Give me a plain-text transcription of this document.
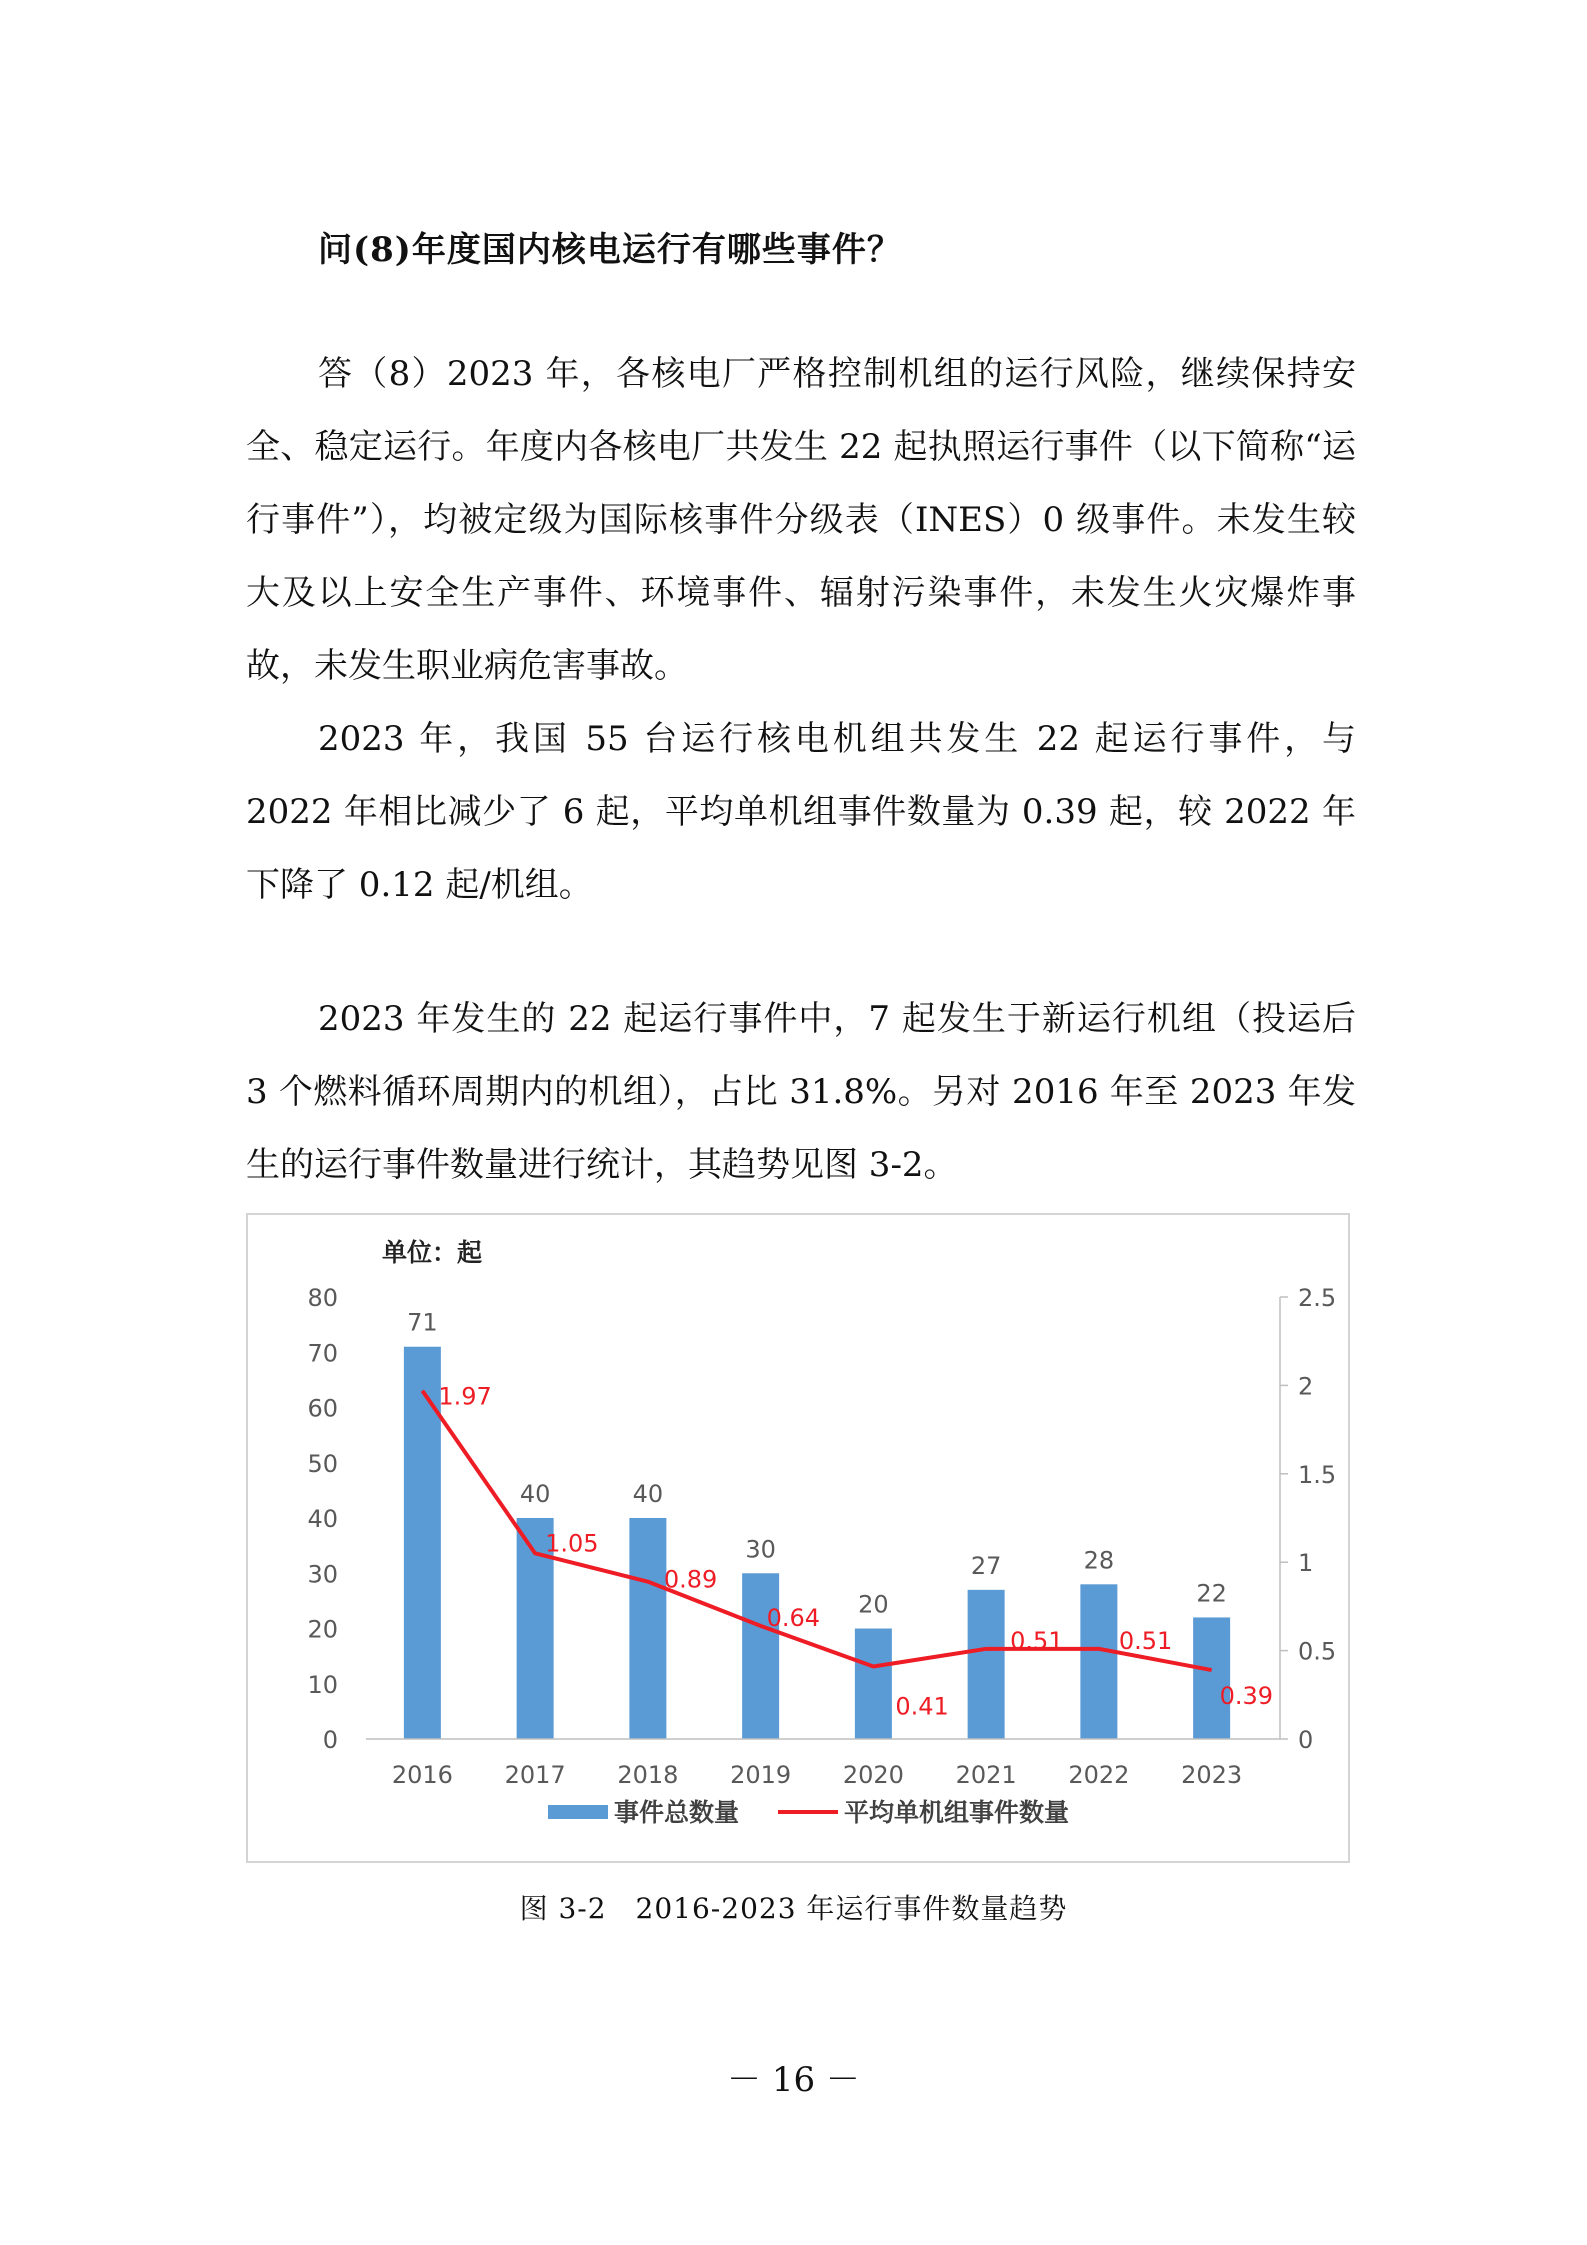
问(8)年度国内核电运行有哪些事件？

答（8）2023 年，各核电厂严格控制机组的运行风险，继续保持安全、稳定运行。年度内各核电厂共发生 22 起执照运行事件（以下简称“运行事件”），均被定级为国际核事件分级表（INES）0 级事件。未发生较大及以上安全生产事件、环境事件、辐射污染事件，未发生火灾爆炸事故，未发生职业病危害事故。

2023 年，我国 55 台运行核电机组共发生 22 起运行事件，与 2022 年相比减少了 6 起，平均单机组事件数量为 0.39 起，较 2022 年下降了 0.12 起/机组。

2023 年发生的 22 起运行事件中，7 起发生于新运行机组（投运后 3 个燃料循环周期内的机组），占比 31.8%。另对 2016 年至 2023 年发生的运行事件数量进行统计，其趋势见图 3-2。

单位：起
0
10
20
30
40
50
60
70
80
0
0.5
1
1.5
2
2.5
71
40	40
30
20
27	28
22
2016 2017 2018 2019 2020 2021 2022 2023
1.97
1.05
0.89
0.64
0.41
0.51 0.51
0.39
事件总数量	平均单机组事件数量
图 3-2　2016-2023 年运行事件数量趋势
－ 16 －
